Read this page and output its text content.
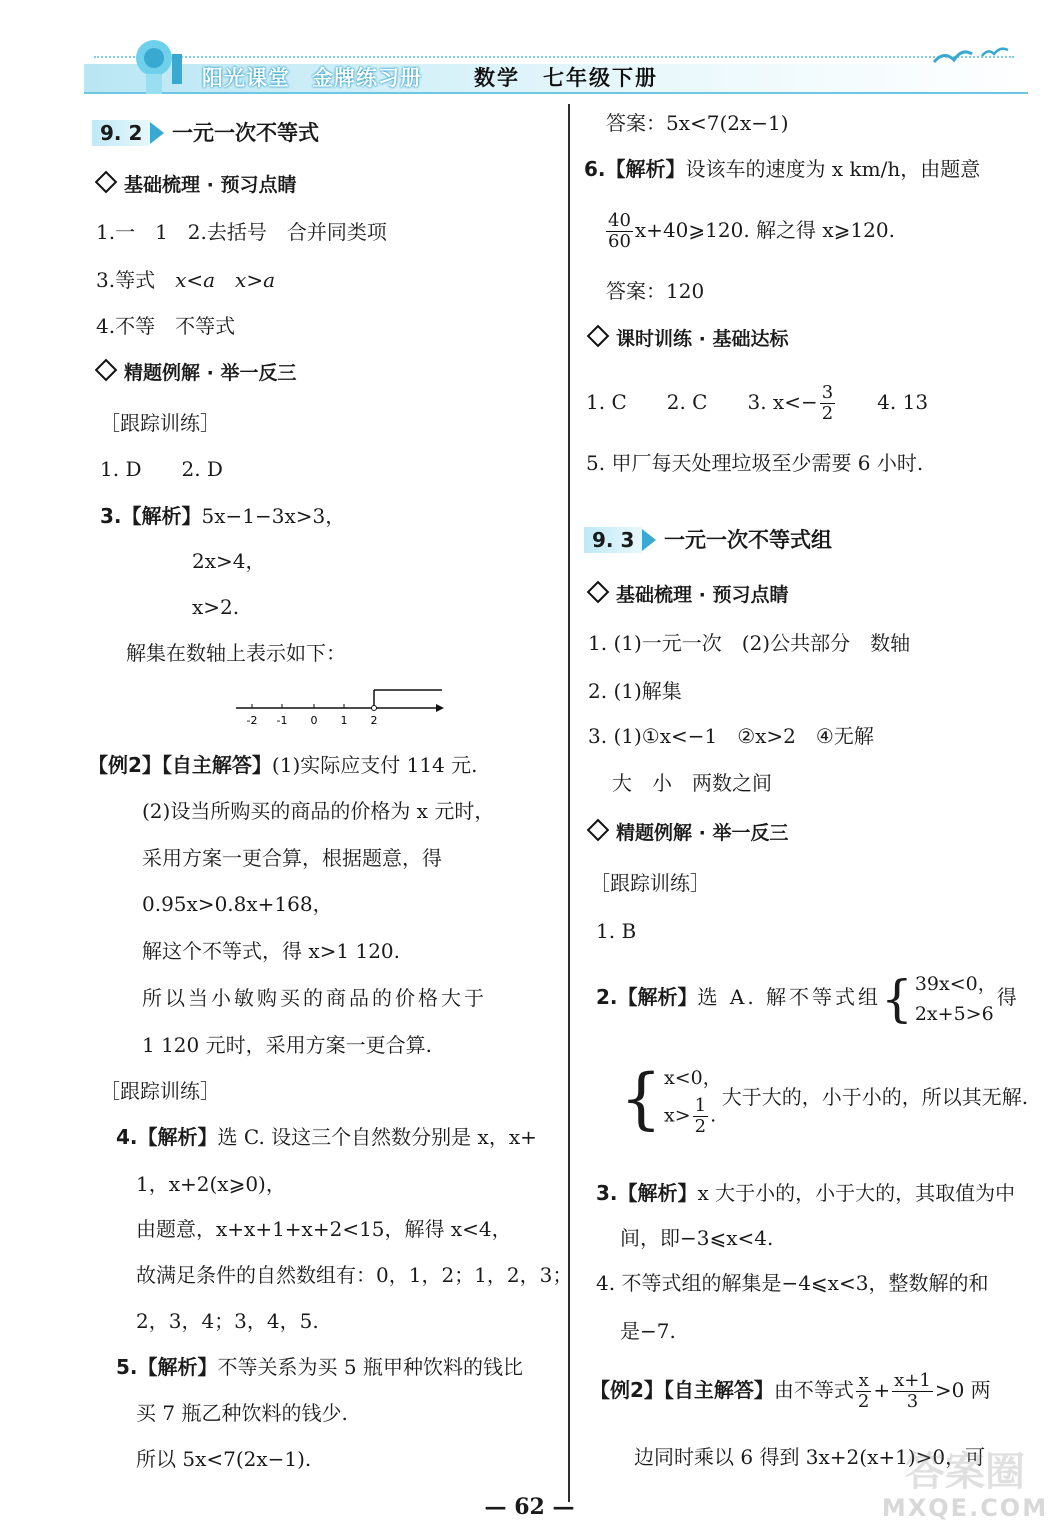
阳光课堂　金牌练习册 数学　七年级下册
9. 2	一元一次不等式
基础梳理 · 预习点睛
1.一　1　2.去括号　合并同类项
3.等式　x<a　x>a
4.不等　不等式
精题例解 · 举一反三
［跟踪训练］
1. D　　2. D
3.【解析】5x−1−3x>3，
2x>4，
x>2.
解集在数轴上表示如下：
-2 -1 0 1 2
【例2】【自主解答】(1)实际应支付 114 元.
(2)设当所购买的商品的价格为 x 元时，
采用方案一更合算，根据题意，得
0.95x>0.8x+168，
解这个不等式，得 x>1 120.
所以当小敏购买的商品的价格大于
1 120 元时，采用方案一更合算.
［跟踪训练］
4.【解析】选 C. 设这三个自然数分别是 x，x+
1，x+2(x⩾0)，
由题意，x+x+1+x+2<15，解得 x<4，
故满足条件的自然数组有：0，1，2；1，2，3；
2，3，4；3，4，5.
5.【解析】不等关系为买 5 瓶甲种饮料的钱比
买 7 瓶乙种饮料的钱少.
所以 5x<7(2x−1).
答案：5x<7(2x−1)
6.【解析】设该车的速度为 x km/h，由题意
$\frac{40}{60}$ x+40⩾120. 解之得 x⩾120.
答案：120
课时训练 · 基础达标
1. C　　2. C　　3. $x<- \frac{3}{2}$ 　　4. 13
5. 甲厂每天处理垃圾至少需要 6 小时.
9. 3	一元一次不等式组
基础梳理 · 预习点睛
1. (1)一元一次　(2)公共部分　数轴
2. (1)解集
3. (1)①x<−1　②x>2　④无解
大　小　两数之间
精题例解 · 举一反三
［跟踪训练］
1. B
2.【解析】选 A. 解不等式组{ 39x<0，
2x+5>6
得
{ x<0，
$x> \frac{1}{2}$ .
大于大的，小于小的，所以其无解.
3.【解析】x 大于小的，小于大的，其取值为中
间，即−3⩽x<4.
4. 不等式组的解集是−4⩽x<3，整数解的和
是−7.
【例2】【自主解答】由不等式 $\frac{x}{2} + \frac{x+1}{3} >0$ 两
边同时乘以 6 得到 3x+2(x+1)>0，可
— 62 —
答案圈
MXQE.COM
